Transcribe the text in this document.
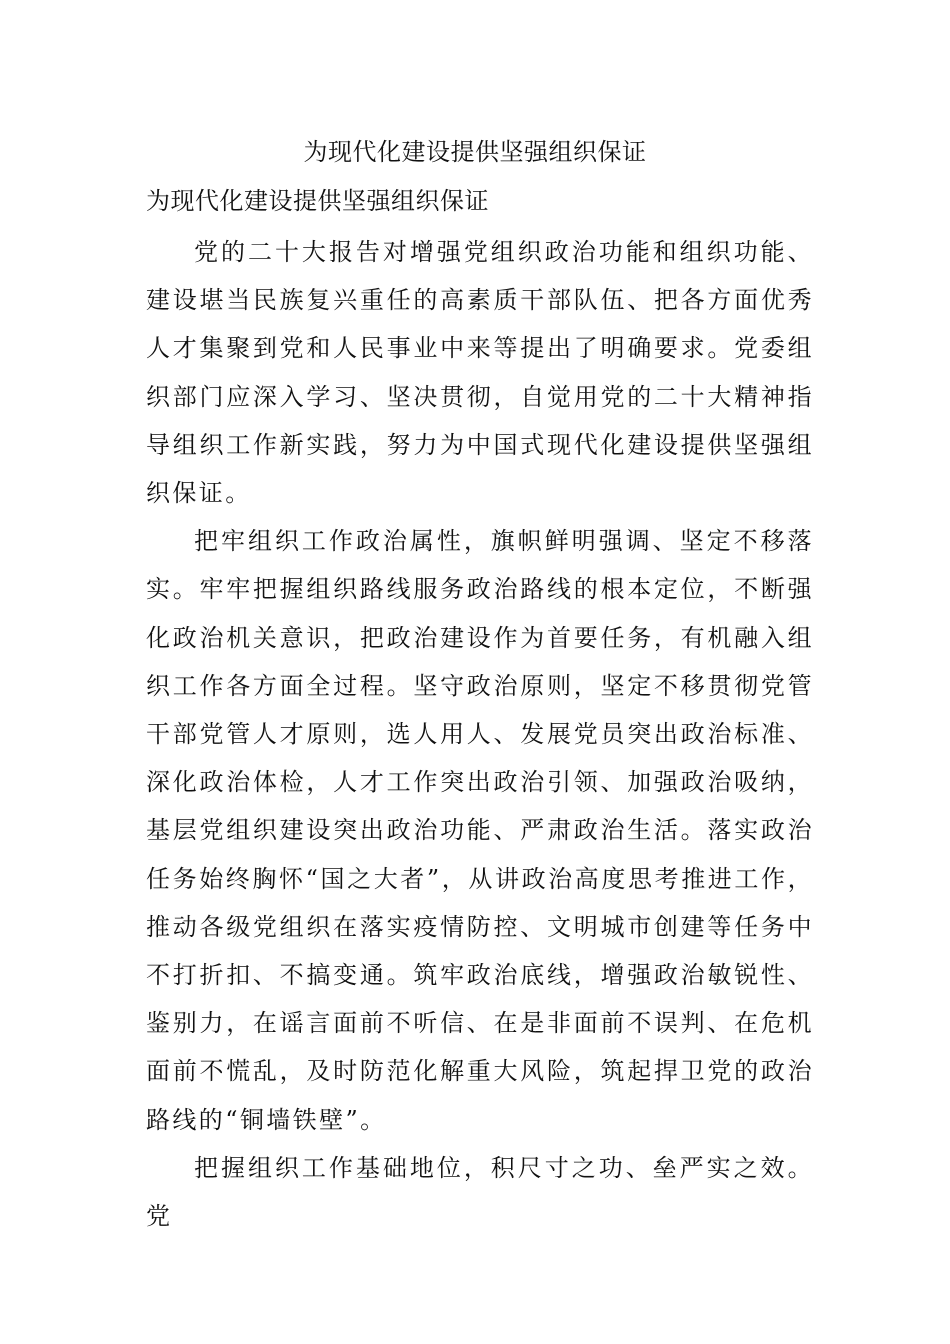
为现代化建设提供坚强组织保证
为现代化建设提供坚强组织保证

党的二十大报告对增强党组织政治功能和组织功能、建设堪当民族复兴重任的高素质干部队伍、把各方面优秀人才集聚到党和人民事业中来等提出了明确要求。党委组织部门应深入学习、坚决贯彻，自觉用党的二十大精神指导组织工作新实践，努力为中国式现代化建设提供坚强组织保证。

把牢组织工作政治属性，旗帜鲜明强调、坚定不移落实。牢牢把握组织路线服务政治路线的根本定位，不断强化政治机关意识，把政治建设作为首要任务，有机融入组织工作各方面全过程。坚守政治原则，坚定不移贯彻党管干部党管人才原则，选人用人、发展党员突出政治标准、深化政治体检，人才工作突出政治引领、加强政治吸纳，基层党组织建设突出政治功能、严肃政治生活。落实政治任务始终胸怀“国之大者”，从讲政治高度思考推进工作，推动各级党组织在落实疫情防控、文明城市创建等任务中不打折扣、不搞变通。筑牢政治底线，增强政治敏锐性、鉴别力，在谣言面前不听信、在是非面前不误判、在危机面前不慌乱，及时防范化解重大风险，筑起捍卫党的政治路线的“铜墙铁壁”。

把握组织工作基础地位，积尺寸之功、垒严实之效。党
